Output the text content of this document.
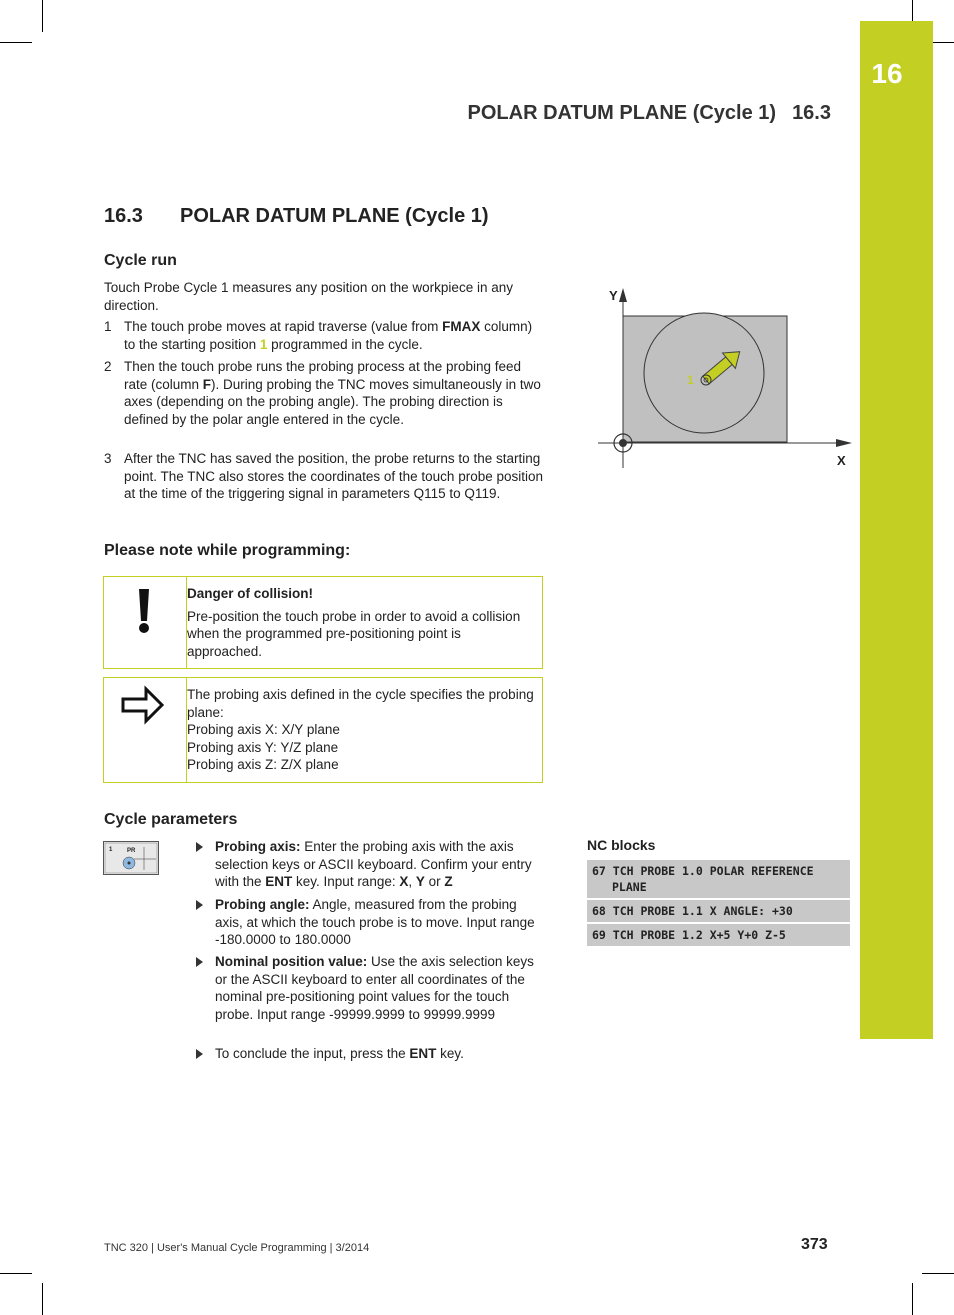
16
POLAR DATUM PLANE (Cycle 1) 16.3
16.3 POLAR DATUM PLANE (Cycle 1)
Cycle run
Touch Probe Cycle 1 measures any position on the workpiece in any direction.
1 The touch probe moves at rapid traverse (value from FMAX column) to the starting position 1 programmed in the cycle.
2 Then the touch probe runs the probing process at the probing feed rate (column F). During probing the TNC moves simultaneously in two axes (depending on the probing angle). The probing direction is defined by the polar angle entered in the cycle.
3 After the TNC has saved the position, the probe returns to the starting point. The TNC also stores the coordinates of the touch probe position at the time of the triggering signal in parameters Q115 to Q119.
Y
X
1
Please note while programming:
Danger of collision!
Pre-position the touch probe in order to avoid a collision when the programmed pre-positioning point is approached.
The probing axis defined in the cycle specifies the probing plane:
Probing axis X: X/Y plane
Probing axis Y: Y/Z plane
Probing axis Z: Z/X plane
Cycle parameters
1 PR	Probing axis: Enter the probing axis with the axis selection keys or ASCII keyboard. Confirm your entry with the ENT key. Input range: X, Y or Z
Probing angle: Angle, measured from the probing axis, at which the touch probe is to move. Input range -180.0000 to 180.0000
Nominal position value: Use the axis selection keys or the ASCII keyboard to enter all coordinates of the nominal pre-positioning point values for the touch probe. Input range -99999.9999 to 99999.9999
To conclude the input, press the ENT key.
NC blocks
67 TCH PROBE 1.0 POLAR REFERENCE
PLANE
68 TCH PROBE 1.1 X ANGLE: +30
69 TCH PROBE 1.2 X+5 Y+0 Z-5
TNC 320 | User's Manual Cycle Programming | 3/2014	373
